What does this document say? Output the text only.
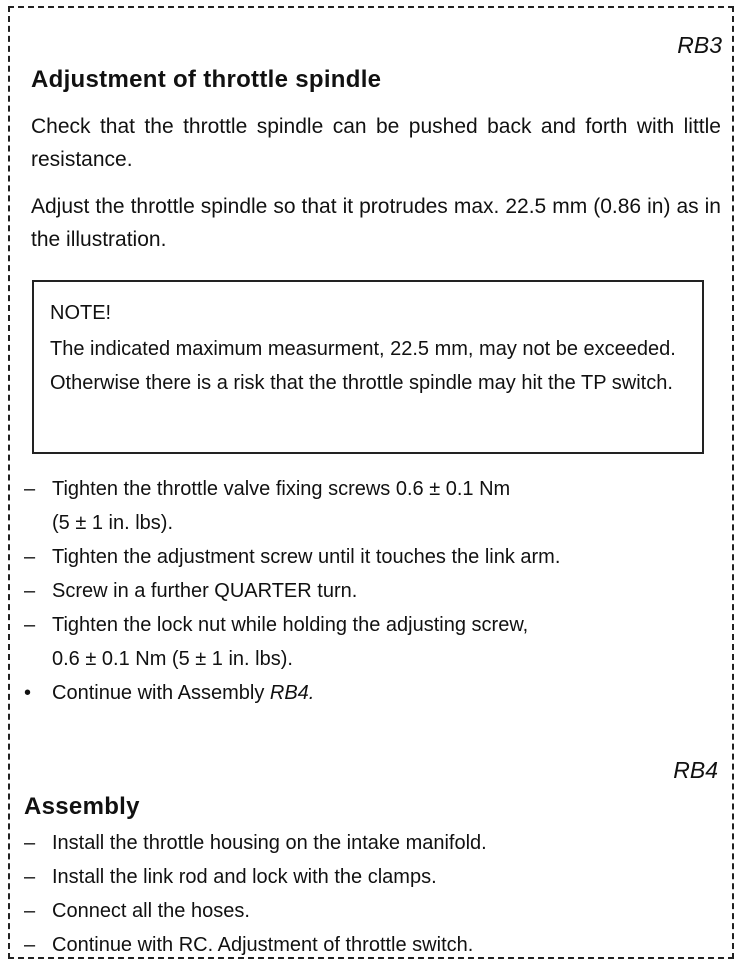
RB3
Adjustment of throttle spindle
Check that the throttle spindle can be pushed back and forth with little resistance.
Adjust the throttle spindle so that it protrudes max. 22.5 mm (0.86 in) as in the illustration.
NOTE!
The indicated maximum measurment, 22.5 mm, may not be exceeded. Otherwise there is a risk that the throttle spindle may hit the TP switch.
– Tighten the throttle valve fixing screws 0.6 ± 0.1 Nm
(5 ± 1 in. lbs).
– Tighten the adjustment screw until it touches the link arm.
– Screw in a further QUARTER turn.
– Tighten the lock nut while holding the adjusting screw,
0.6 ± 0.1 Nm (5 ± 1 in. lbs).
•	Continue with Assembly RB4.
RB4
Assembly
– Install the throttle housing on the intake manifold.
– Install the link rod and lock with the clamps.
– Connect all the hoses.
– Continue with RC. Adjustment of throttle switch.
